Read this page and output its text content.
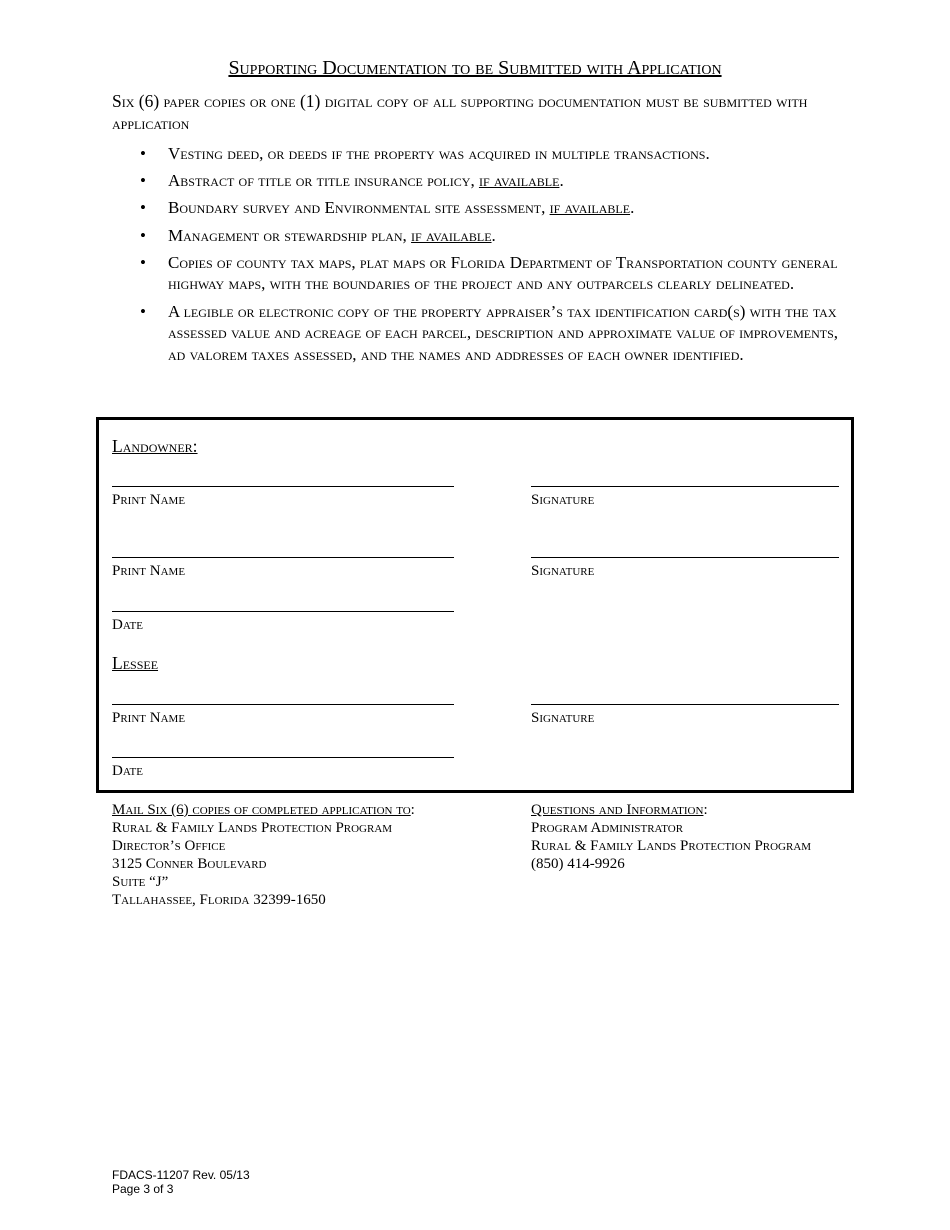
Supporting Documentation to be Submitted with Application
Six (6) paper copies or one (1) digital copy of all supporting documentation must be submitted with application
• Vesting deed, or deeds if the property was acquired in multiple transactions.
• Abstract of title or title insurance policy, if available.
• Boundary survey and Environmental site assessment, if available.
• Management or stewardship plan, if available.
• Copies of county tax maps, plat maps or Florida Department of Transportation county general highway maps, with the boundaries of the project and any outparcels clearly delineated.
• A legible or electronic copy of the property appraiser’s tax identification card(s) with the tax assessed value and acreage of each parcel, description and approximate value of improvements, ad valorem taxes assessed, and the names and addresses of each owner identified.
Landowner:
Print Name	Signature
Print Name	Signature
Date
Lessee
Print Name	Signature
Date
Mail Six (6) copies of completed application to:
Rural & Family Lands Protection Program
Director’s Office
3125 Conner Boulevard
Suite “J”
Tallahassee, Florida 32399-1650
Questions and Information:
Program Administrator
Rural & Family Lands Protection Program
(850) 414-9926
FDACS-11207 Rev. 05/13
Page 3 of 3
